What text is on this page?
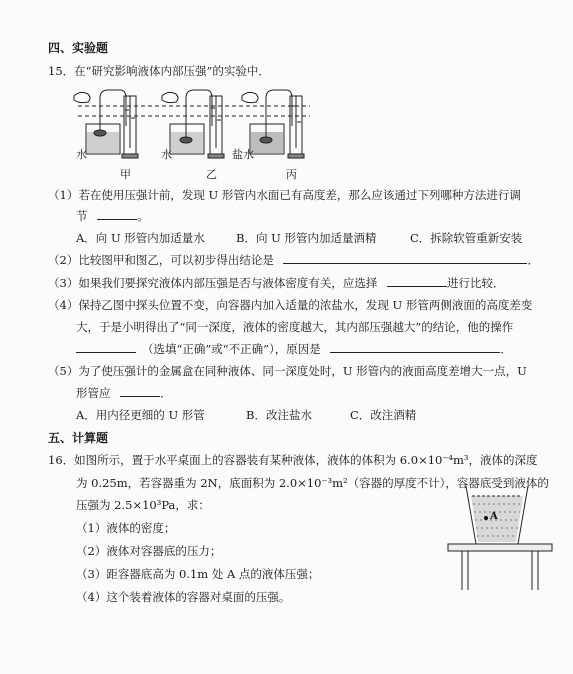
四、实验题
15．在“研究影响液体内部压强”的实验中．
水	水	盐水
甲	乙	丙
（1）若在使用压强计前，发现 U 形管内水面已有高度差，那么应该通过下列哪种方法进行调
节	。
A．向 U 形管内加适量水	B．向 U 形管内加适量酒精	C．拆除软管重新安装
（2）比较图甲和图乙，可以初步得出结论是	．
（3）如果我们要探究液体内部压强是否与液体密度有关，应选择	进行比较．
（4）保持乙图中探头位置不变，向容器内加入适量的浓盐水，发现 U 形管两侧液面的高度差变
大，于是小明得出了“同一深度，液体的密度越大，其内部压强越大”的结论，他的操作
（选填“正确”或“不正确”），原因是	．
（5）为了使压强计的金属盒在同种液体、同一深度处时，U 形管内的液面高度差增大一点，U
形管应	．
A．用内径更细的 U 形管	B．改注盐水	C．改注酒精
五、计算题
16．如图所示，置于水平桌面上的容器装有某种液体，液体的体积为 6.0×10⁻⁴m³，液体的深度
为 0.25m，若容器重为 2N，底面积为 2.0×10⁻³m²（容器的厚度不计），容器底受到液体的
压强为 2.5×10³Pa，求：
（1）液体的密度；
（2）液体对容器底的压力；
（3）距容器底高为 0.1m 处 A 点的液体压强；
（4）这个装着液体的容器对桌面的压强。
A
